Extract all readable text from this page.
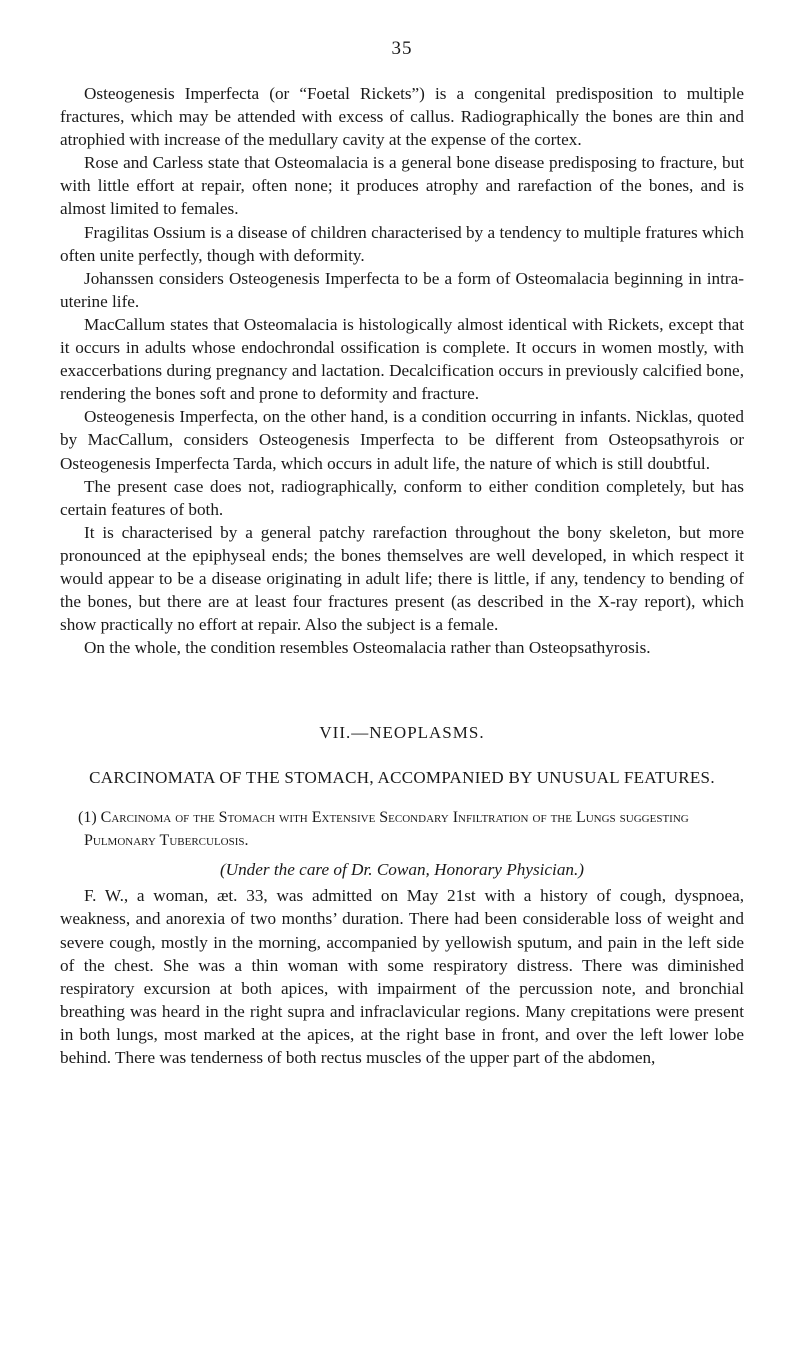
35

Osteogenesis Imperfecta (or “Foetal Rickets”) is a congenital predisposition to multiple fractures, which may be attended with excess of callus. Radiographically the bones are thin and atrophied with increase of the medullary cavity at the expense of the cortex.

Rose and Carless state that Osteomalacia is a general bone disease predisposing to fracture, but with little effort at repair, often none; it produces atrophy and rarefaction of the bones, and is almost limited to females.

Fragilitas Ossium is a disease of children characterised by a tendency to multiple fratures which often unite perfectly, though with deformity.

Johanssen considers Osteogenesis Imperfecta to be a form of Osteomalacia beginning in intra-uterine life.

MacCallum states that Osteomalacia is histologically almost identical with Rickets, except that it occurs in adults whose endochrondal ossification is complete. It occurs in women mostly, with exaccerbations during pregnancy and lactation. Decalcification occurs in previously calcified bone, rendering the bones soft and prone to deformity and fracture.

Osteogenesis Imperfecta, on the other hand, is a condition occurring in infants. Nicklas, quoted by MacCallum, considers Osteogenesis Imperfecta to be different from Osteopsathyrois or Osteogenesis Imperfecta Tarda, which occurs in adult life, the nature of which is still doubtful.

The present case does not, radiographically, conform to either condition completely, but has certain features of both.

It is characterised by a general patchy rarefaction throughout the bony skeleton, but more pronounced at the epiphyseal ends; the bones themselves are well developed, in which respect it would appear to be a disease originating in adult life; there is little, if any, tendency to bending of the bones, but there are at least four fractures present (as described in the X-ray report), which show practically no effort at repair. Also the subject is a female.

On the whole, the condition resembles Osteomalacia rather than Osteopsathyrosis.

VII.—NEOPLASMS.
CARCINOMATA OF THE STOMACH, ACCOMPANIED BY UNUSUAL FEATURES.
(1) Carcinoma of the Stomach with Extensive Secondary Infiltration of the Lungs suggesting Pulmonary Tuberculosis.
(Under the care of Dr. Cowan, Honorary Physician.)

F. W., a woman, æt. 33, was admitted on May 21st with a history of cough, dyspnoea, weakness, and anorexia of two months’ duration. There had been considerable loss of weight and severe cough, mostly in the morning, accompanied by yellowish sputum, and pain in the left side of the chest. She was a thin woman with some respiratory distress. There was diminished respiratory excursion at both apices, with impairment of the percussion note, and bronchial breathing was heard in the right supra and infraclavicular regions. Many crepitations were present in both lungs, most marked at the apices, at the right base in front, and over the left lower lobe behind. There was tenderness of both rectus muscles of the upper part of the abdomen,
